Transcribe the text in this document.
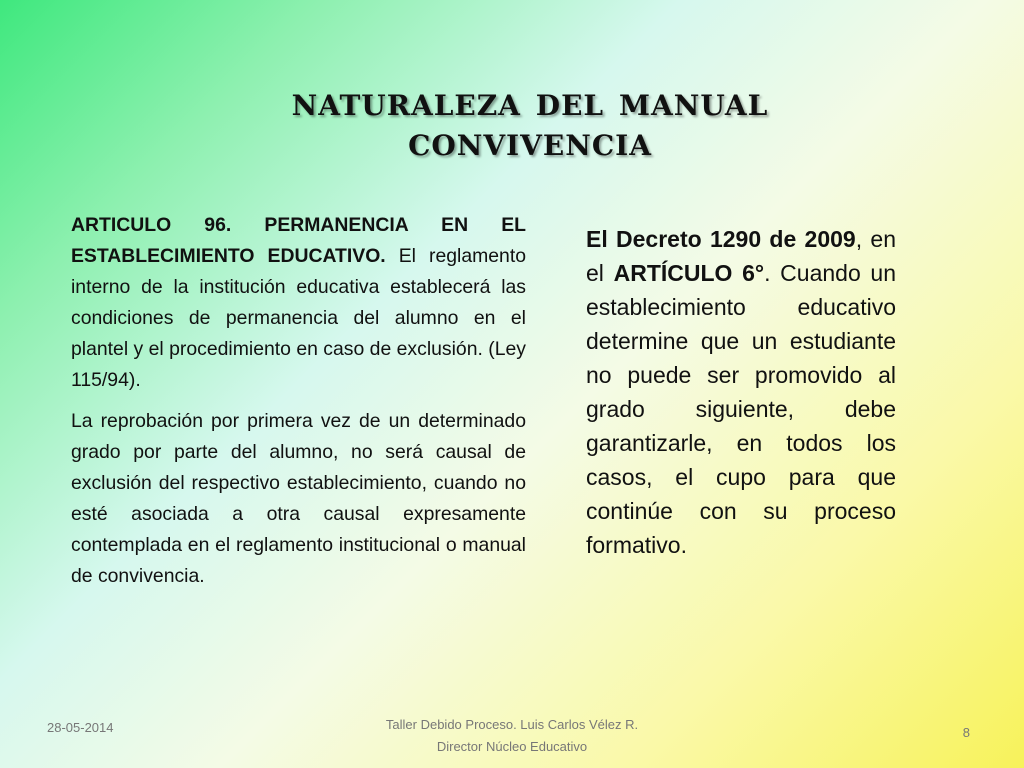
naturaleza del manual
convivencia

ARTICULO 96. PERMANENCIA EN EL ESTABLECIMIENTO EDUCATIVO. El reglamento interno de la institución educativa establecerá las condiciones de permanencia del alumno en el plantel y el procedimiento en caso de exclusión. (Ley 115/94).

La reprobación por primera vez de un determinado grado por parte del alumno, no será causal de exclusión del respectivo establecimiento, cuando no esté asociada a otra causal expresamente contemplada en el reglamento institucional o manual de convivencia.

El Decreto 1290 de 2009, en el ARTÍCULO 6°. Cuando un establecimiento educativo determine que un estudiante no puede ser promovido al grado siguiente, debe garantizarle, en todos los casos, el cupo para que continúe con su proceso formativo.

28-05-2014	Taller Debido Proceso. Luis Carlos Vélez R.
Director Núcleo Educativo
8
